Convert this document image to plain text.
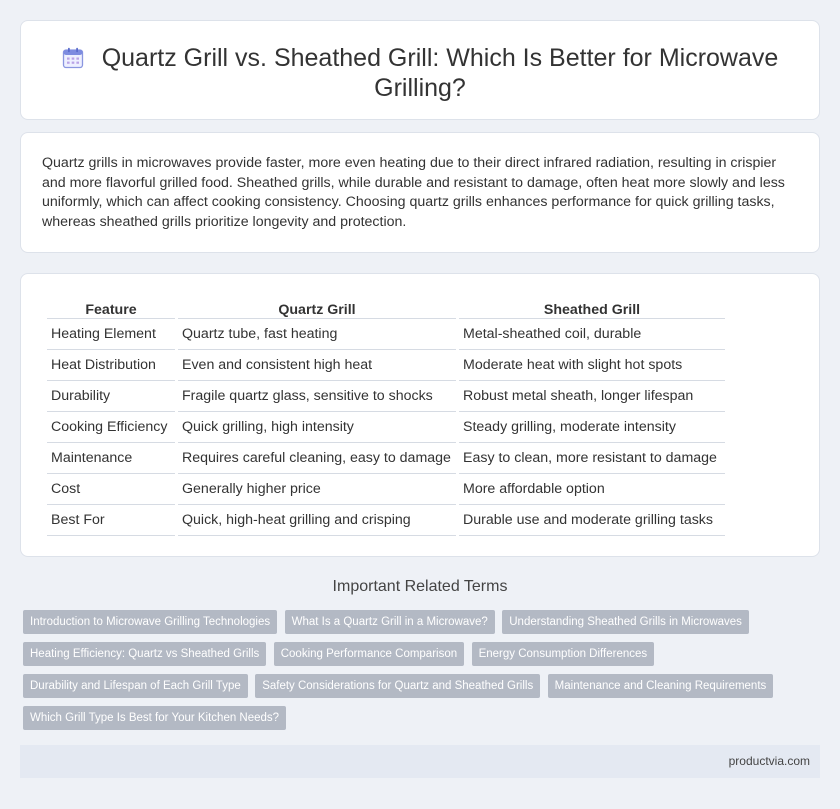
Quartz Grill vs. Sheathed Grill: Which Is Better for Microwave Grilling?

Quartz grills in microwaves provide faster, more even heating due to their direct infrared radiation, resulting in crispier and more flavorful grilled food. Sheathed grills, while durable and resistant to damage, often heat more slowly and less uniformly, which can affect cooking consistency. Choosing quartz grills enhances performance for quick grilling tasks, whereas sheathed grills prioritize longevity and protection.

Feature	Quartz Grill	Sheathed Grill
Heating Element	Quartz tube, fast heating	Metal-sheathed coil, durable
Heat Distribution	Even and consistent high heat	Moderate heat with slight hot spots
Durability	Fragile quartz glass, sensitive to shocks	Robust metal sheath, longer lifespan
Cooking Efficiency	Quick grilling, high intensity	Steady grilling, moderate intensity
Maintenance	Requires careful cleaning, easy to damage	Easy to clean, more resistant to damage
Cost	Generally higher price	More affordable option
Best For	Quick, high-heat grilling and crisping	Durable use and moderate grilling tasks
Important Related Terms
Introduction to Microwave Grilling Technologies What Is a Quartz Grill in a Microwave? Understanding Sheathed Grills in Microwaves Heating Efficiency: Quartz vs Sheathed Grills Cooking Performance Comparison Energy Consumption Differences Durability and Lifespan of Each Grill Type Safety Considerations for Quartz and Sheathed Grills Maintenance and Cleaning Requirements Which Grill Type Is Best for Your Kitchen Needs?
productvia.com
